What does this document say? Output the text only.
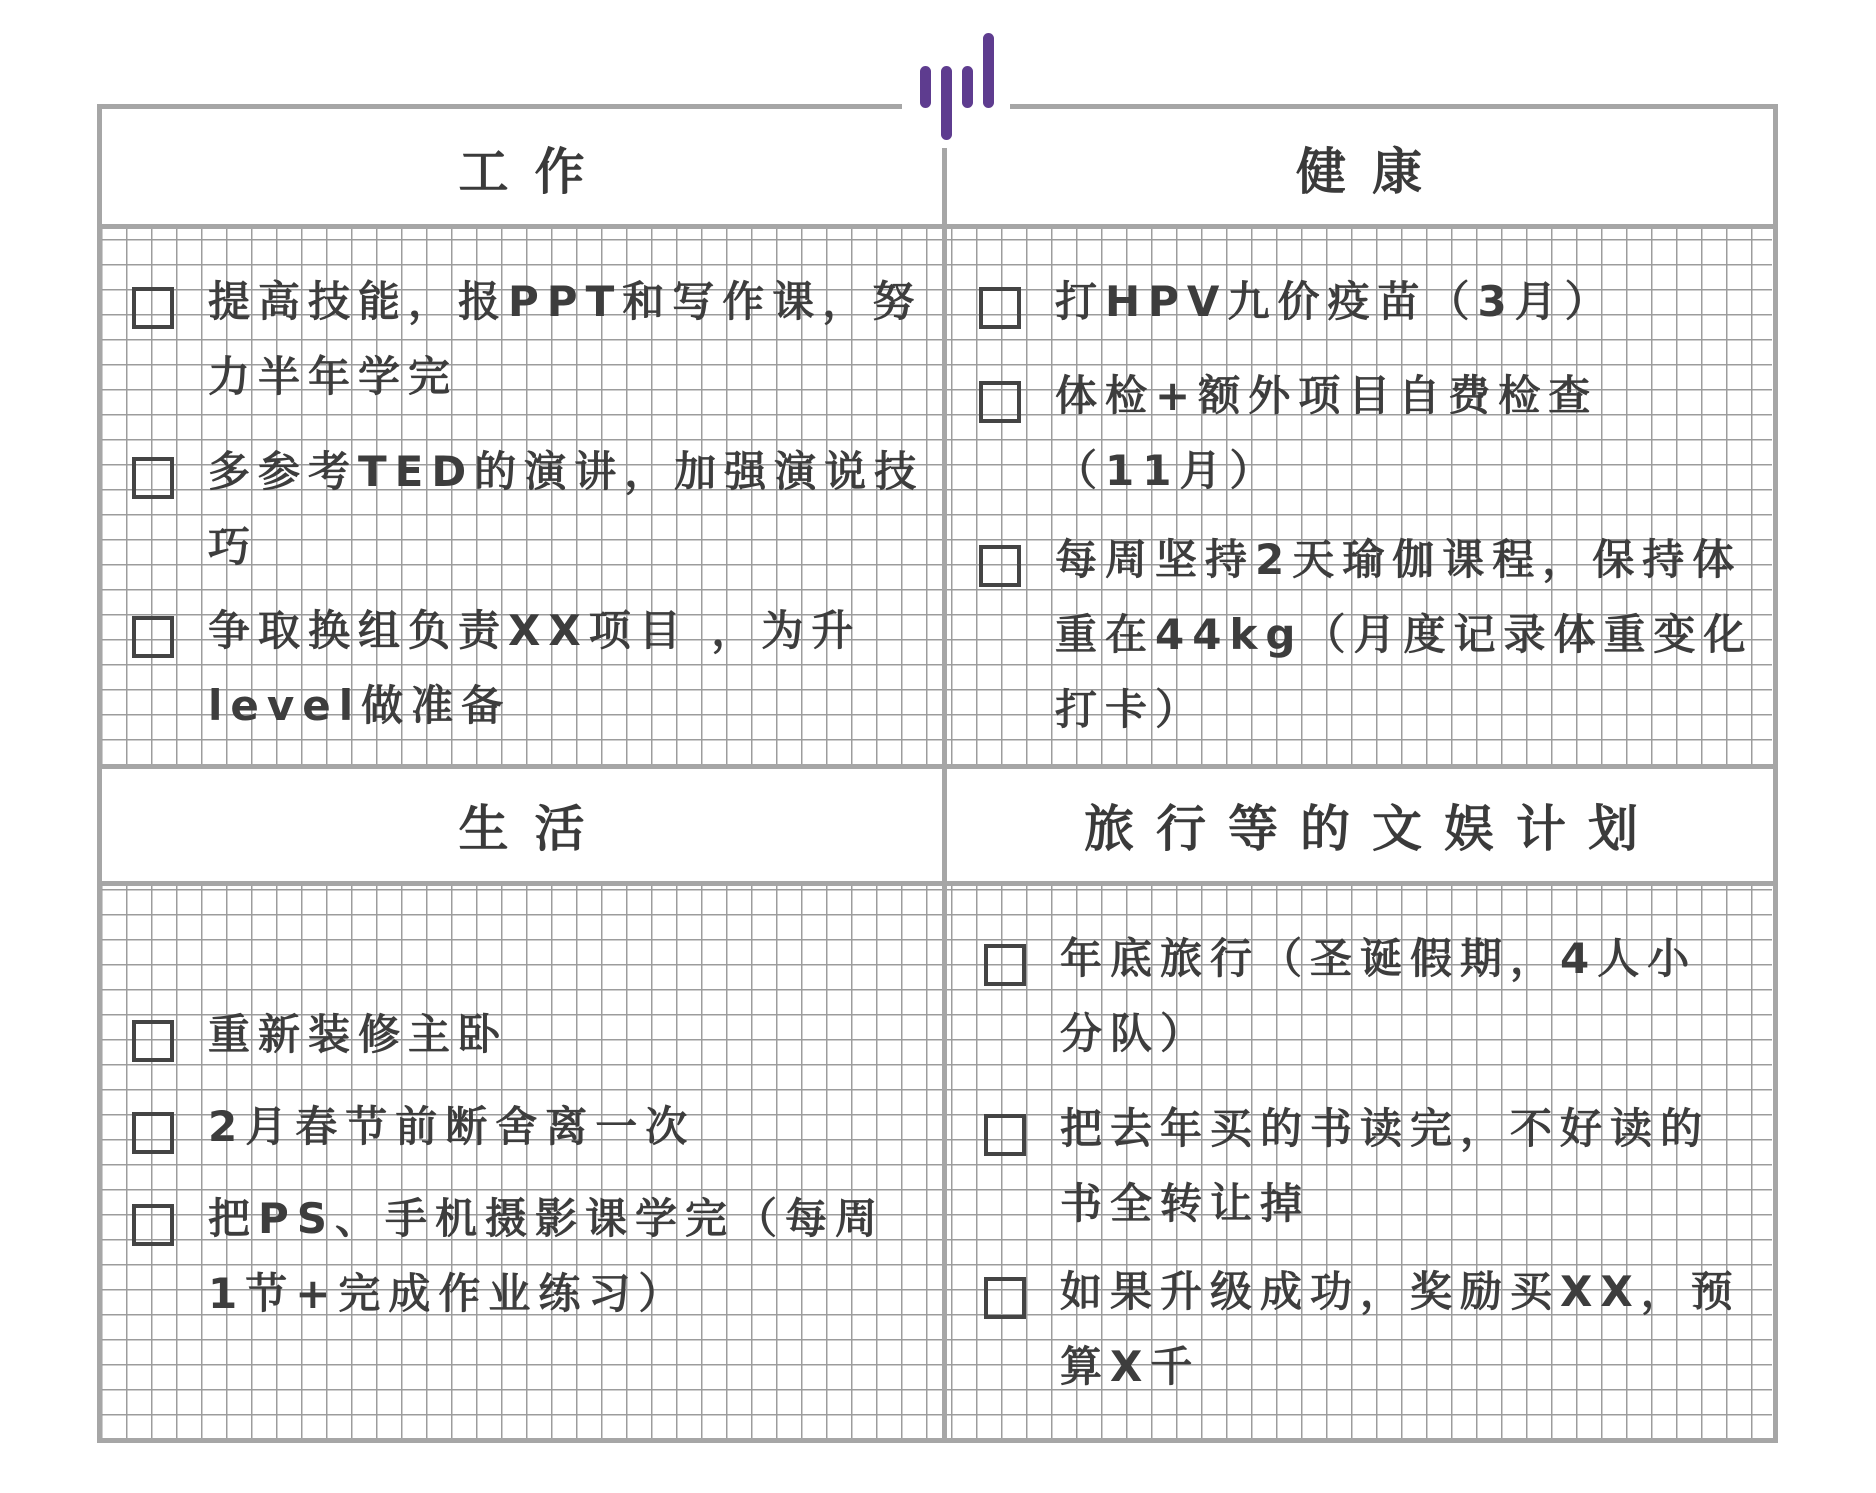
工作	健康
生活	旅行等的文娱计划
提高技能，报PPT和写作课，努力半年学完
多参考TED的演讲，加强演说技巧
争取换组负责XX项目 ，为升level做准备
打HPV九价疫苗（3月）
体检+额外项目自费检查（11月）
每周坚持2天瑜伽课程，保持体重在44kg（月度记录体重变化打卡）
重新装修主卧
2月春节前断舍离一次
把PS、手机摄影课学完（每周1节+完成作业练习）
年底旅行（圣诞假期，4人小分队）
把去年买的书读完，不好读的书全转让掉
如果升级成功，奖励买XX，预算X千
